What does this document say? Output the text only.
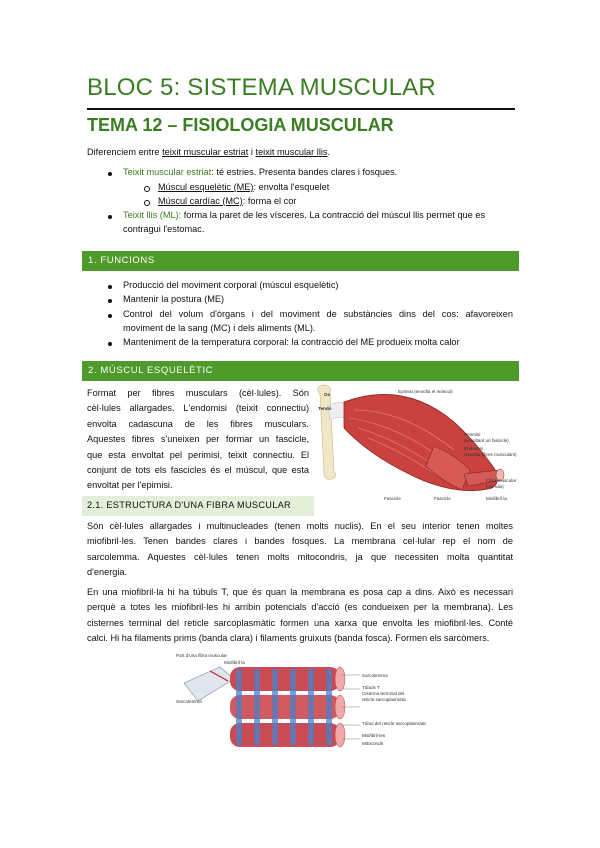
BLOC 5: SISTEMA MUSCULAR
TEMA 12 – FISIOLOGIA MUSCULAR
Diferenciem entre teixit muscular estriat i teixit muscular llis.
Teixit muscular estriat: té estries. Presenta bandes clares i fosques.
Múscul esquelètic (ME): envolta l'esquelet
Múscul cardíac (MC): forma el cor
Teixit llis (ML): forma la paret de les vísceres. La contracció del múscul llis permet que es
contragui l'estomac.
1. FUNCIONS
Producció del moviment corporal (múscul esquelètic)
Mantenir la postura (ME)
Control del volum d'òrgans i del moviment de substàncies dins del cos: afavoreixen
moviment de la sang (MC) i dels aliments (ML).
Manteniment de la temperatura corporal: la contracció del ME produeix molta calor
2. MÚSCUL ESQUELÈTIC
Format per fibres musculars (cèl·lules). Són
cèl·lules allargades. L'endomisi (teixit connectiu)
envolta cadascuna de les fibres musculars.
Aquestes fibres s'uneixen per formar un fascicle,
que esta envoltat pel perimisi, teixit connectiu. El
conjunt de tots els fascicles és el múscul, que esta
envoltat per l'epimisi.
Os
Tendó
Epimisi (envolta el múscul)
Perimisi
(envoltant un fascicle)
Endomisi
(envolta fibres musculars)
Fibra muscular
(cèl·lula)
Fascicle	Fascicle	Miofibril·la
2.1. ESTRUCTURA D'UNA FIBRA MUSCULAR
Són cèl·lules allargades i multinucleades (tenen molts nuclis). En el seu interior tenen moltes
miofibril·les. Tenen bandes clares i bandes fosques. La membrana cel·lular rep el nom de
sarcolemma. Aquestes cèl·lules tenen molts mitocondris, ja que necessiten molta quantitat
d'energia.
En una miofibril·la hi ha túbuls T, que és quan la membrana es posa cap a dins. Això es necessari
perquè a totes les miofibril·les hi arribin potencials d'acció (es condueixen per la membrana). Les
cisternes terminal del reticle sarcoplasmàtic formen una xarxa que envolta les miofibril·les. Conté
calci. Hi ha filaments prims (banda clara) i filaments gruixuts (banda fosca). Formen els sarcòmers.
Part d'una fibra muscular
Miofibril·la
Sarcolemma
Sarcolemma
Túbuls T
Cisterna terminal del
reticle sarcoplasmàtic
Túbul del reticle sarcoplasmàtic
Miofibril·les
Mitocondri
